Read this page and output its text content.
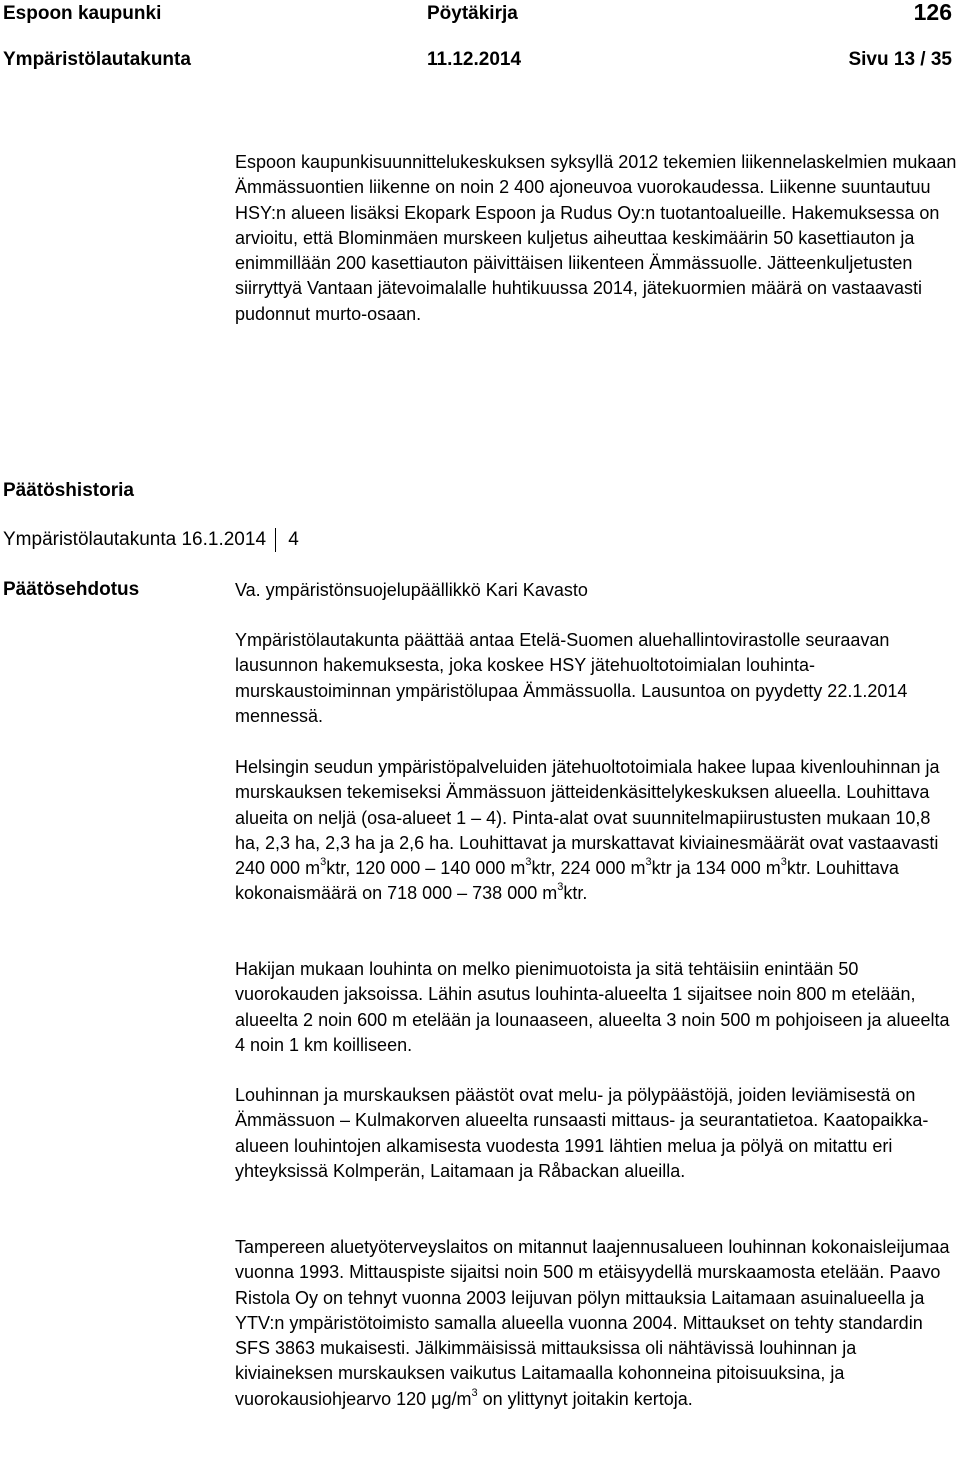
Espoon kaupunki	Pöytäkirja	126
Ympäristölautakunta	11.12.2014	Sivu 13 / 35

Espoon kaupunkisuunnittelukeskuksen syksyllä 2012 tekemien liikennelaskelmien mukaan Ämmässuontien liikenne on noin 2 400 ajoneuvoa vuorokaudessa. Liikenne suuntautuu HSY:n alueen lisäksi Ekopark Espoon ja Rudus Oy:n tuotantoalueille. Hakemuksessa on arvioitu, että Blominmäen murskeen kuljetus aiheuttaa keskimäärin 50 kasettiauton ja enimmillään 200 kasettiauton päivittäisen liikenteen Ämmässuolle. Jätteenkuljetusten siirryttyä Vantaan jätevoimalalle huhtikuussa 2014, jätekuormien määrä on vastaavasti pudonnut murto-osaan.

Päätöshistoria
Ympäristölautakunta 16.1.2014 4
Päätösehdotus	Va. ympäristönsuojelupäällikkö Kari Kavasto

Ympäristölautakunta päättää antaa Etelä-Suomen aluehallintovirastolle seuraavan lausunnon hakemuksesta, joka koskee HSY jätehuoltotoimialan louhinta- murskaustoiminnan ympäristölupaa Ämmässuolla. Lausuntoa on pyydetty 22.1.2014 mennessä.

Helsingin seudun ympäristöpalveluiden jätehuoltotoimiala hakee lupaa kivenlouhinnan ja murskauksen tekemiseksi Ämmässuon jätteidenkäsittelykeskuksen alueella. Louhittava alueita on neljä (osa-alueet 1 – 4). Pinta-alat ovat suunnitelmapiirustusten mukaan 10,8 ha, 2,3 ha, 2,3 ha ja 2,6 ha. Louhittavat ja murskattavat kiviainesmäärät ovat vastaavasti 240 000 $m^3ktr$, 120 000 – 140 000 $m^3ktr$, 224 000 $m^3ktr$ ja 134 000 $m^3ktr$. Louhittava kokonaismäärä on 718 000 – 738 000 $m^3ktr$.

Hakijan mukaan louhinta on melko pienimuotoista ja sitä tehtäisiin enintään 50 vuorokauden jaksoissa. Lähin asutus louhinta-alueelta 1 sijaitsee noin 800 m etelään, alueelta 2 noin 600 m etelään ja lounaaseen, alueelta 3 noin 500 m pohjoiseen ja alueelta 4 noin 1 km koilliseen.

Louhinnan ja murskauksen päästöt ovat melu- ja pölypäästöjä, joiden leviämisestä on Ämmässuon – Kulmakorven alueelta runsaasti mittaus- ja seurantatietoa. Kaatopaikka-alueen louhintojen alkamisesta vuodesta 1991 lähtien melua ja pölyä on mitattu eri yhteyksissä Kolmperän, Laitamaan ja Råbackan alueilla.

Tampereen aluetyöterveyslaitos on mitannut laajennusalueen louhinnan kokonaisleijumaa vuonna 1993. Mittauspiste sijaitsi noin 500 m etäisyydellä murskaamosta etelään. Paavo Ristola Oy on tehnyt vuonna 2003 leijuvan pölyn mittauksia Laitamaan asuinalueella ja YTV:n ympäristötoimisto samalla alueella vuonna 2004. Mittaukset on tehty standardin SFS 3863 mukaisesti. Jälkimmäisissä mittauksissa oli nähtävissä louhinnan ja kiviaineksen murskauksen vaikutus Laitamaalla kohonneina pitoisuuksina, ja vuorokausiohjearvo 120 $\mu g/m^3$ on ylittynyt joitakin kertoja.
